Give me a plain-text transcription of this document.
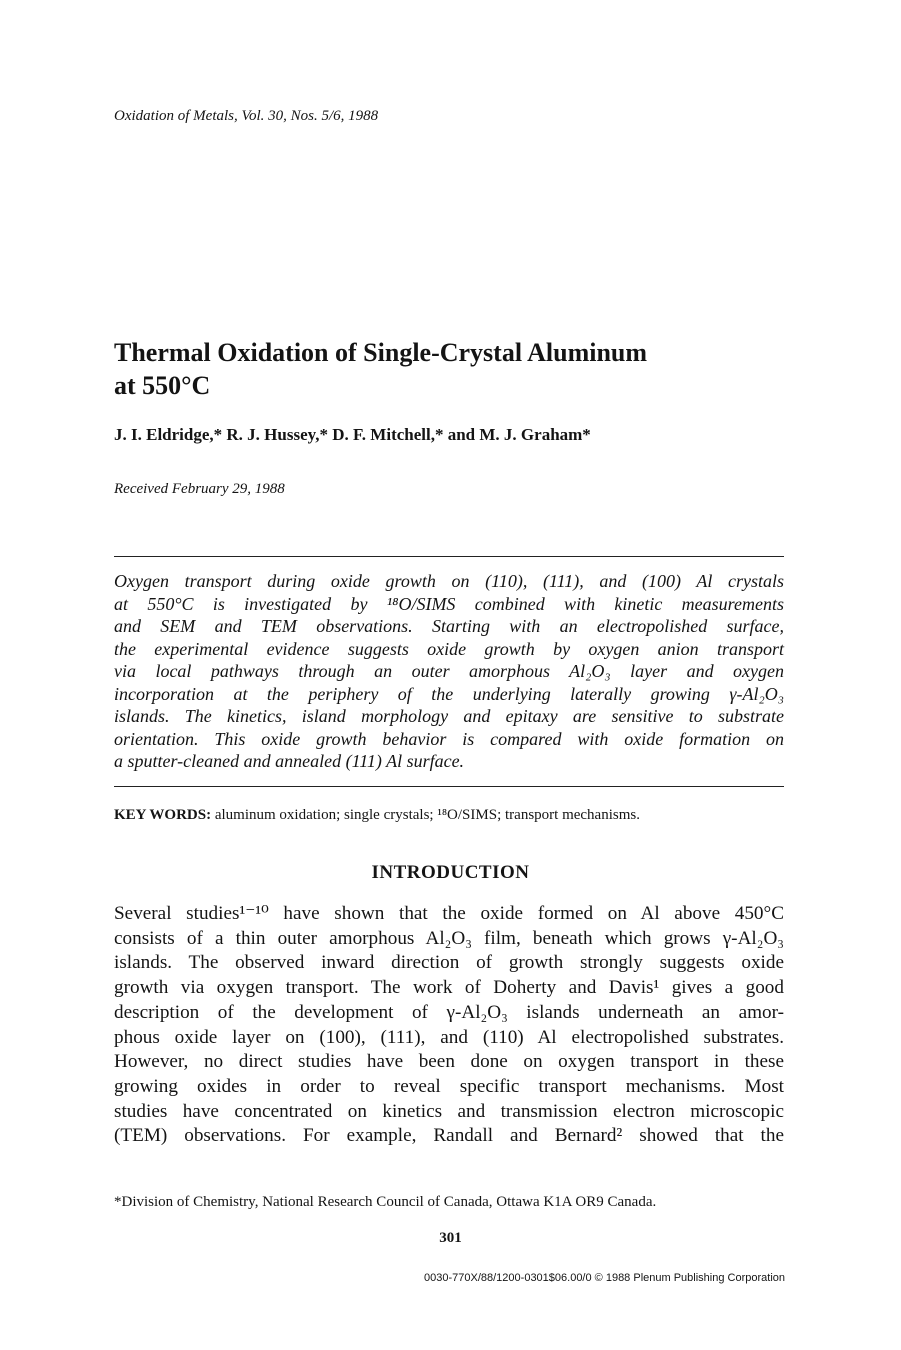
Oxidation of Metals, Vol. 30, Nos. 5/6, 1988
Thermal Oxidation of Single-Crystal Aluminum
at 550°C
J. I. Eldridge,* R. J. Hussey,* D. F. Mitchell,* and M. J. Graham*
Received February 29, 1988
Oxygen transport during oxide growth on (110), (111), and (100) Al crystals
at 550°C is investigated by ¹⁸O/SIMS combined with kinetic measurements
and SEM and TEM observations. Starting with an electropolished surface,
the experimental evidence suggests oxide growth by oxygen anion transport
via local pathways through an outer amorphous Al₂O₃ layer and oxygen
incorporation at the periphery of the underlying laterally growing γ-Al₂O₃
islands. The kinetics, island morphology and epitaxy are sensitive to substrate
orientation. This oxide growth behavior is compared with oxide formation on
a sputter-cleaned and annealed (111) Al surface.
KEY WORDS: aluminum oxidation; single crystals; ¹⁸O/SIMS; transport mechanisms.
INTRODUCTION
Several studies¹⁻¹⁰ have shown that the oxide formed on Al above 450°C
consists of a thin outer amorphous Al₂O₃ film, beneath which grows γ-Al₂O₃
islands. The observed inward direction of growth strongly suggests oxide
growth via oxygen transport. The work of Doherty and Davis¹ gives a good
description of the development of γ-Al₂O₃ islands underneath an amor-
phous oxide layer on (100), (111), and (110) Al electropolished substrates.
However, no direct studies have been done on oxygen transport in these
growing oxides in order to reveal specific transport mechanisms. Most
studies have concentrated on kinetics and transmission electron microscopic
(TEM) observations. For example, Randall and Bernard² showed that the
*Division of Chemistry, National Research Council of Canada, Ottawa K1A OR9 Canada.
301
0030-770X/88/1200-0301$06.00/0 © 1988 Plenum Publishing Corporation
